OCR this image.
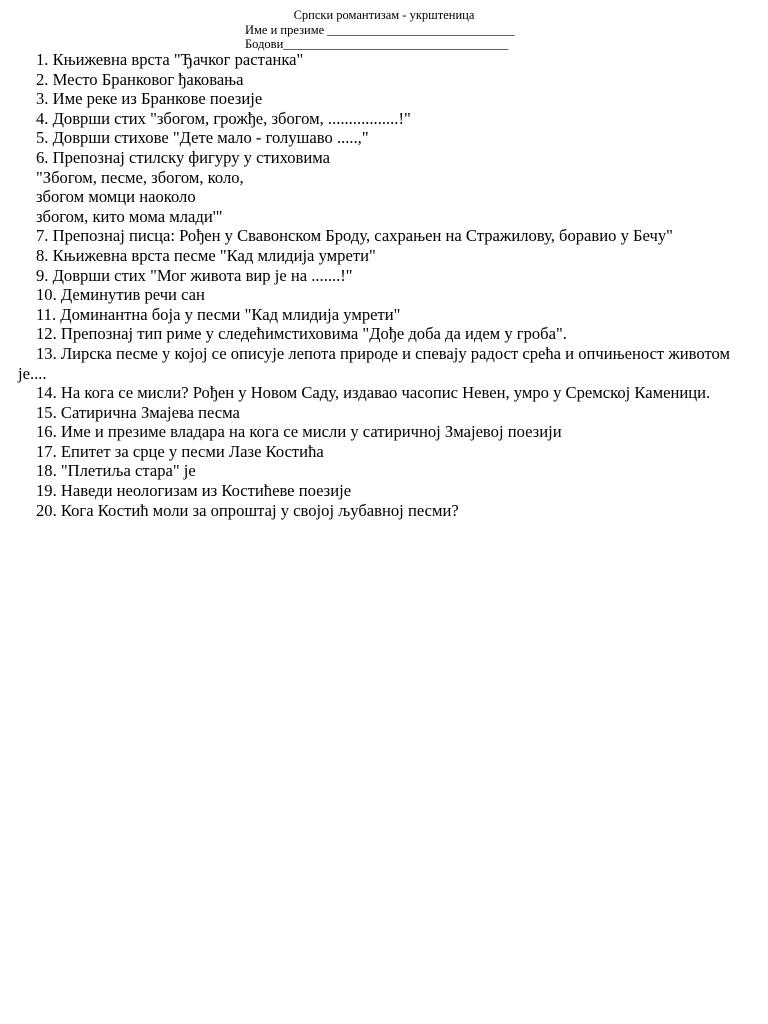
Српски романтизам - укрштеница
Име и презиме ______________________________
Бодови____________________________________
1. Књижевна врста "Ђачког растанка"
2. Место Бранковог ђаковања
3. Име реке из Бранкове поезије
4. Доврши стих "збогом, грожђе, збогом, .................!"
5. Доврши стихове "Дете мало - голушаво .....,"
6. Препознај стилску фигуру у стиховима
"Збогом, песме, збогом, коло,
збогом момци наоколо
збогом, кито мома млади'"
7. Препознај писца: Рођен у Свавонском Броду, сахрањен на Стражилову, боравио у Бечу"
8. Књижевна врста песме "Кад млидија умрети"
9. Доврши стих "Мог живота вир је на .......!"
10. Деминутив речи сан
11. Доминантна боја у песми "Кад млидија умрети"
12. Препознај тип риме у следећимстиховима "Дође доба да идем у гроба".
13. Лирска песме у којој се описује лепота природе и спевају радост срећа и опчињеност животом је....
14. На кога се мисли? Рођен у Новом Саду, издавао часопис Невен, умро у Сремској Каменици.
15. Сатирична Змајева песма
16. Име и презиме владара на кога се мисли у сатиричној Змајевој поезији
17. Епитет за срце у песми Лазе Костића
18. "Плетиља стара" је
19. Наведи неологизам из Костићеве поезије
20. Кога Костић моли за опроштај у својој љубавној песми?
